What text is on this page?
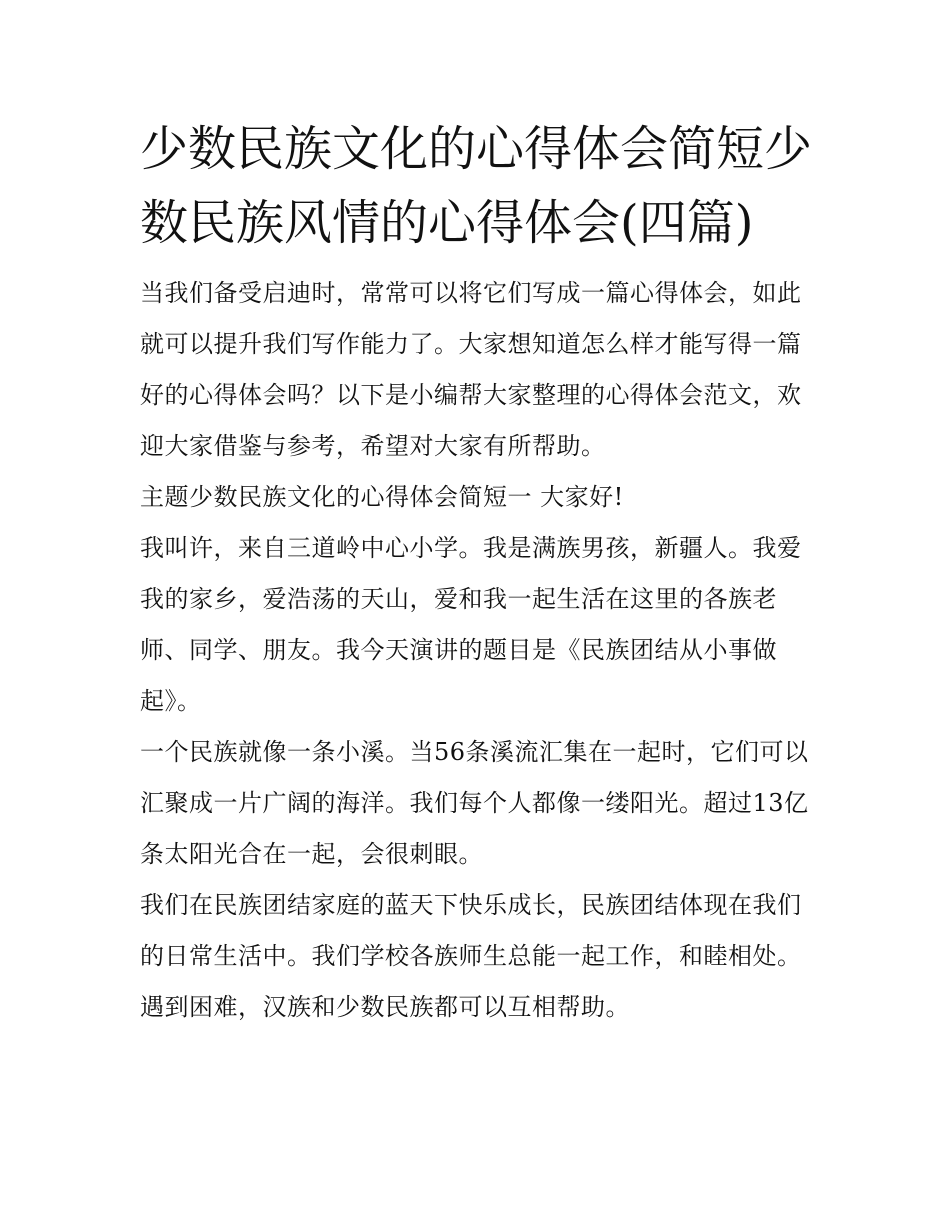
少数民族文化的心得体会简短少数民族风情的心得体会(四篇)

当我们备受启迪时，常常可以将它们写成一篇心得体会，如此就可以提升我们写作能力了。大家想知道怎么样才能写得一篇好的心得体会吗？以下是小编帮大家整理的心得体会范文，欢迎大家借鉴与参考，希望对大家有所帮助。

主题少数民族文化的心得体会简短一 大家好!

我叫许，来自三道岭中心小学。我是满族男孩，新疆人。我爱我的家乡，爱浩荡的天山，爱和我一起生活在这里的各族老师、同学、朋友。我今天演讲的题目是《民族团结从小事做起》。

一个民族就像一条小溪。当56条溪流汇集在一起时，它们可以汇聚成一片广阔的海洋。我们每个人都像一缕阳光。超过13亿条太阳光合在一起，会很刺眼。

我们在民族团结家庭的蓝天下快乐成长，民族团结体现在我们的日常生活中。我们学校各族师生总能一起工作，和睦相处。遇到困难，汉族和少数民族都可以互相帮助。
